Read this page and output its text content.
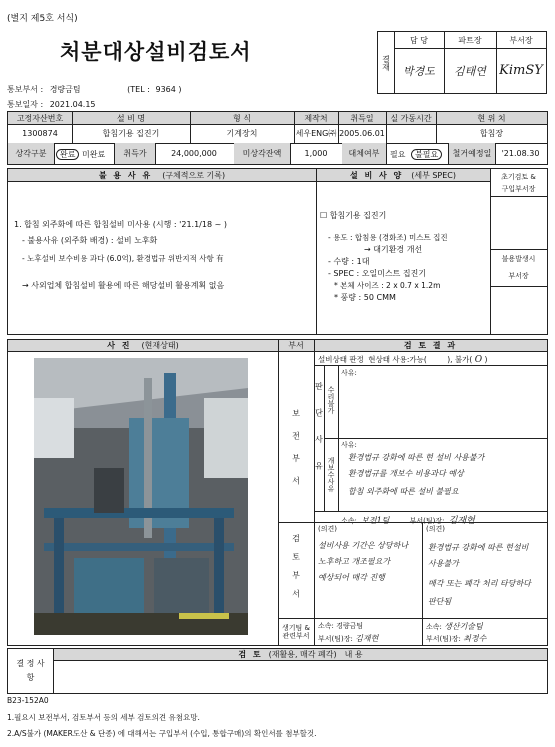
(별지 제5호 서식)
처분대상설비검토서	결재
담 당	파트장	부서장
박경도	김태연	KimSY
통보부서 : 경량금팀	(TEL : 9364 )
통보일자 : 2021.04.15
고정자산번호	설 비 명	형 식	제작처	취득일	실 가동시간	현 위 치
1300874	합침기용 집진기	기계장치	세우ENG㈜ 2005.06.01	합침장
상각구분	완료 미완료	취득가	24,000,000	미상각잔액	1,000	대체여부	필요 불필요	철거예정일	'21.08.30
불 용 사 유 (구체적으로 기록)	설 비 사 양 (세부 SPEC)
1. 합침 외주화에 따른 합침설비 미사용 (시행 : '21.1/18 ~ )
- 불용사유 (외주화 배경) : 설비 노후화
- 노후설비 보수비용 과다 (6.0억), 환경법규 위반지적 사항 有
→ 사외업체 합침설비 활용에 따른 해당설비 활용계획 없음
☐ 합침기용 집진기
- 용도 : 합침용 (경화조) 미스트 집진
→ 대기환경 개선
- 수량 : 1대
- SPEC : 오일미스트 집진기
* 본체 사이즈 : 2 x 0.7 x 1.2m
* 풍량 : 50 CMM
초기검토 &
구입부서장
불용발생시
부서장
사 진 (현재상태)	부서	검 토 결 과
설비상태 판정 현상태 사용:가능(	), 불가( O )
보 전 부 서	판 단 사 유 수리불가
사유:
개보수사유
사유:
환경법규 강화에 따른 현 설비 사용불가
환경법규를 개보수 비용과다 예상
합침 외주화에 따른 설비 불필요
소속: 보전1팀	부서(팀)장: 김재현
검 토 부 서
(의견)
설비사용 기간은 상당하나
노후하고 개조필요가
예상되어 매각 진행
(의견)
환경법규 강화에 따른 현설비
사용불가
매각 또는 폐각 처리 타당하다
판단됨
생기팀 & 관련부서
소속: 경량금팀
부서(팀)장: 김재현
소속: 생산기술팀
부서(팀)장: 최정수
결 정 사 항
검 토 (재활용, 매각 폐각) 내 용
B23-152A0
1.필요시 보전부서, 검토부서 등의 세부 검토의견 유첨요망.
2.A/S불가 (MAKER도산 & 단종) 에 대해서는 구입부서 (수입, 통합구매)의 확인서를 첨부할것.
